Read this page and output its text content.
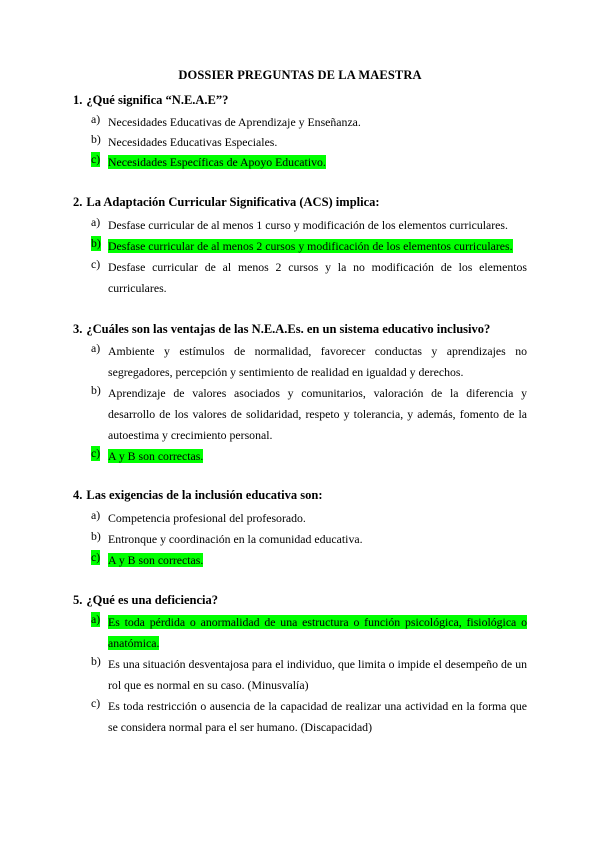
DOSSIER PREGUNTAS DE LA MAESTRA
1. ¿Qué significa “N.E.A.E”?
a) Necesidades Educativas de Aprendizaje y Enseñanza.
b) Necesidades Educativas Especiales.
c) Necesidades Específicas de Apoyo Educativo.
2. La Adaptación Curricular Significativa (ACS) implica:
a) Desfase curricular de al menos 1 curso y modificación de los elementos curriculares.
b) Desfase curricular de al menos 2 cursos y modificación de los elementos curriculares.
c) Desfase curricular de al menos 2 cursos y la no modificación de los elementos curriculares.
3. ¿Cuáles son las ventajas de las N.E.A.Es. en un sistema educativo inclusivo?
a) Ambiente y estímulos de normalidad, favorecer conductas y aprendizajes no segregadores, percepción y sentimiento de realidad en igualdad y derechos.
b) Aprendizaje de valores asociados y comunitarios, valoración de la diferencia y desarrollo de los valores de solidaridad, respeto y tolerancia, y además, fomento de la autoestima y crecimiento personal.
c) A y B son correctas.
4. Las exigencias de la inclusión educativa son:
a) Competencia profesional del profesorado.
b) Entronque y coordinación en la comunidad educativa.
c) A y B son correctas.
5. ¿Qué es una deficiencia?
a) Es toda pérdida o anormalidad de una estructura o función psicológica, fisiológica o anatómica.
b) Es una situación desventajosa para el individuo, que limita o impide el desempeño de un rol que es normal en su caso. (Minusvalía)
c) Es toda restricción o ausencia de la capacidad de realizar una actividad en la forma que se considera normal para el ser humano. (Discapacidad)
